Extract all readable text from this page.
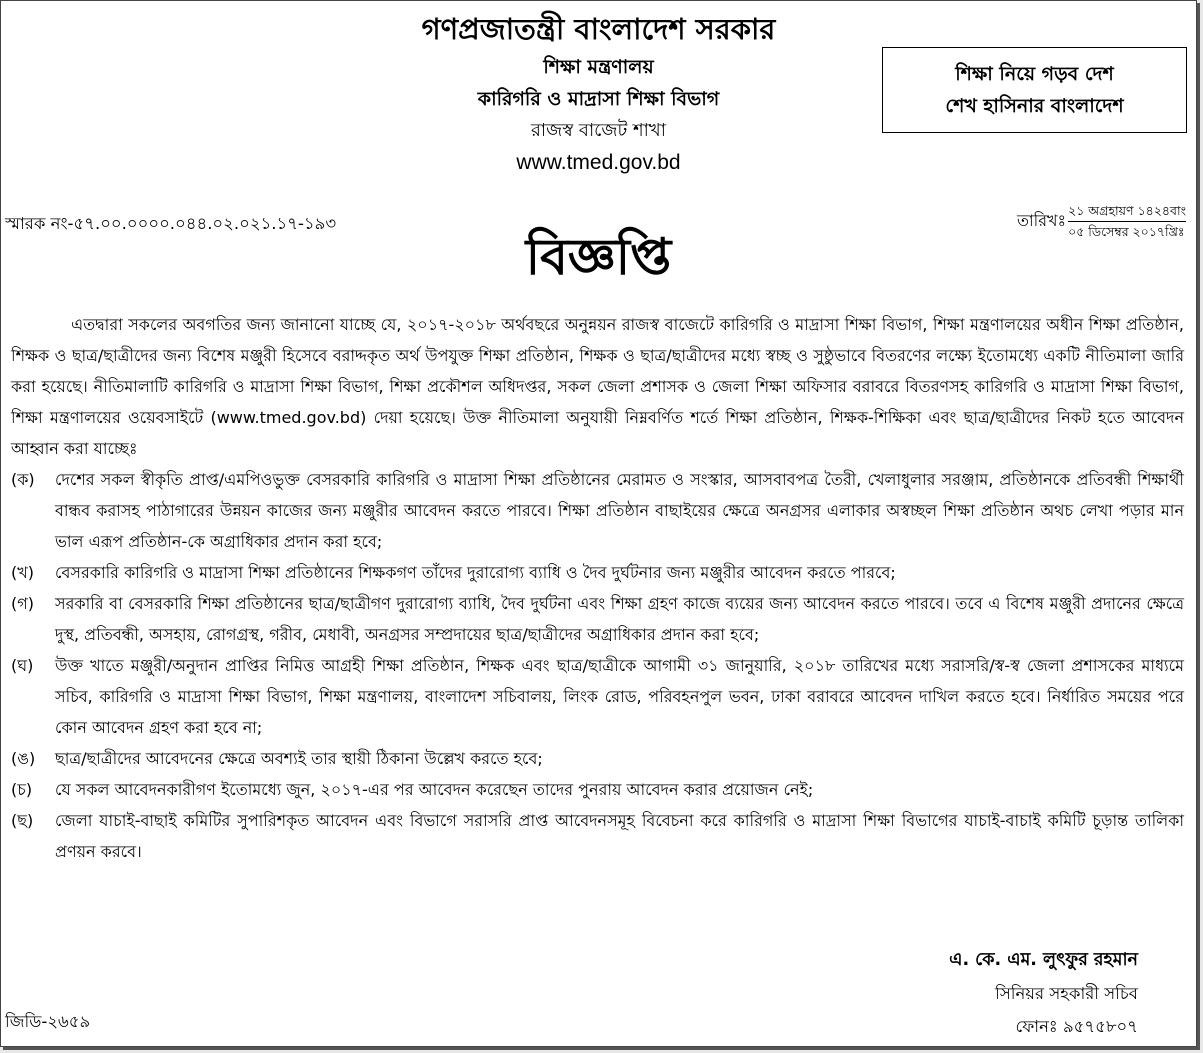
গণপ্রজাতন্ত্রী বাংলাদেশ সরকার
শিক্ষা মন্ত্রণালয়
কারিগরি ও মাদ্রাসা শিক্ষা বিভাগ
রাজস্ব বাজেট শাখা
www.tmed.gov.bd
শিক্ষা নিয়ে গড়ব দেশ
শেখ হাসিনার বাংলাদেশ
স্মারক নং-৫৭.০০.০০০০.০৪৪.০২.০২১.১৭-১৯৩	তারিখঃ
২১ অগ্রহায়ণ ১৪২৪বাং
০৫ ডিসেম্বর ২০১৭খ্রিঃ
বিজ্ঞপ্তি

এতদ্বারা সকলের অবগতির জন্য জানানো যাচ্ছে যে, ২০১৭-২০১৮ অর্থবছরে অনুন্নয়ন রাজস্ব বাজেটে কারিগরি ও মাদ্রাসা শিক্ষা বিভাগ, শিক্ষা মন্ত্রণালয়ের অধীন শিক্ষা প্রতিষ্ঠান, শিক্ষক ও ছাত্র/ছাত্রীদের জন্য বিশেষ মঞ্জুরী হিসেবে বরাদ্দকৃত অর্থ উপযুক্ত শিক্ষা প্রতিষ্ঠান, শিক্ষক ও ছাত্র/ছাত্রীদের মধ্যে স্বচ্ছ ও সুষ্ঠুভাবে বিতরণের লক্ষ্যে ইতোমধ্যে একটি নীতিমালা জারি করা হয়েছে। নীতিমালাটি কারিগরি ও মাদ্রাসা শিক্ষা বিভাগ, শিক্ষা প্রকৌশল অধিদপ্তর, সকল জেলা প্রশাসক ও জেলা শিক্ষা অফিসার বরাবরে বিতরণসহ কারিগরি ও মাদ্রাসা শিক্ষা বিভাগ, শিক্ষা মন্ত্রণালয়ের ওয়েবসাইটে (www.tmed.gov.bd) দেয়া হয়েছে। উক্ত নীতিমালা অনুযায়ী নিম্নবর্ণিত শর্তে শিক্ষা প্রতিষ্ঠান, শিক্ষক-শিক্ষিকা এবং ছাত্র/ছাত্রীদের নিকট হতে আবেদন আহ্বান করা যাচ্ছেঃ

(ক)	দেশের সকল স্বীকৃতি প্রাপ্ত/এমপিওভুক্ত বেসরকারি কারিগরি ও মাদ্রাসা শিক্ষা প্রতিষ্ঠানের মেরামত ও সংস্কার, আসবাবপত্র তৈরী, খেলাধুলার সরঞ্জাম, প্রতিষ্ঠানকে প্রতিবন্ধী শিক্ষার্থী বান্ধব করাসহ পাঠাগারের উন্নয়ন কাজের জন্য মঞ্জুরীর আবেদন করতে পারবে। শিক্ষা প্রতিষ্ঠান বাছাইয়ের ক্ষেত্রে অনগ্রসর এলাকার অস্বচ্ছল শিক্ষা প্রতিষ্ঠান অথচ লেখা পড়ার মান ভাল এরূপ প্রতিষ্ঠান-কে অগ্রাধিকার প্রদান করা হবে;
(খ)	বেসরকারি কারিগরি ও মাদ্রাসা শিক্ষা প্রতিষ্ঠানের শিক্ষকগণ তাঁদের দুরারোগ্য ব্যাধি ও দৈব দুর্ঘটনার জন্য মঞ্জুরীর আবেদন করতে পারবে;
(গ)	সরকারি বা বেসরকারি শিক্ষা প্রতিষ্ঠানের ছাত্র/ছাত্রীগণ দুরারোগ্য ব্যাধি, দৈব দুর্ঘটনা এবং শিক্ষা গ্রহণ কাজে ব্যয়ের জন্য আবেদন করতে পারবে। তবে এ বিশেষ মঞ্জুরী প্রদানের ক্ষেত্রে দুস্থ, প্রতিবন্ধী, অসহায়, রোগগ্রস্থ, গরীব, মেধাবী, অনগ্রসর সম্প্রদায়ের ছাত্র/ছাত্রীদের অগ্রাধিকার প্রদান করা হবে;
(ঘ)	উক্ত খাতে মঞ্জুরী/অনুদান প্রাপ্তির নিমিত্ত আগ্রহী শিক্ষা প্রতিষ্ঠান, শিক্ষক এবং ছাত্র/ছাত্রীকে আগামী ৩১ জানুয়ারি, ২০১৮ তারিখের মধ্যে সরাসরি/স্ব-স্ব জেলা প্রশাসকের মাধ্যমে সচিব, কারিগরি ও মাদ্রাসা শিক্ষা বিভাগ, শিক্ষা মন্ত্রণালয়, বাংলাদেশ সচিবালয়, লিংক রোড, পরিবহনপুল ভবন, ঢাকা বরাবরে আবেদন দাখিল করতে হবে। নির্ধারিত সময়ের পরে কোন আবেদন গ্রহণ করা হবে না;
(ঙ)	ছাত্র/ছাত্রীদের আবেদনের ক্ষেত্রে অবশ্যই তার স্থায়ী ঠিকানা উল্লেখ করতে হবে;
(চ)	যে সকল আবেদনকারীগণ ইতোমধ্যে জুন, ২০১৭-এর পর আবেদন করেছেন তাদের পুনরায় আবেদন করার প্রয়োজন নেই;
(ছ)	জেলা যাচাই-বাছাই কমিটির সুপারিশকৃত আবেদন এবং বিভাগে সরাসরি প্রাপ্ত আবেদনসমূহ বিবেচনা করে কারিগরি ও মাদ্রাসা শিক্ষা বিভাগের যাচাই-বাচাই কমিটি চূড়ান্ত তালিকা প্রণয়ন করবে।
এ. কে. এম. লুৎফুর রহমান
সিনিয়র সহকারী সচিব
ফোনঃ ৯৫৭৫৮০৭
জিডি-২৬৫৯
